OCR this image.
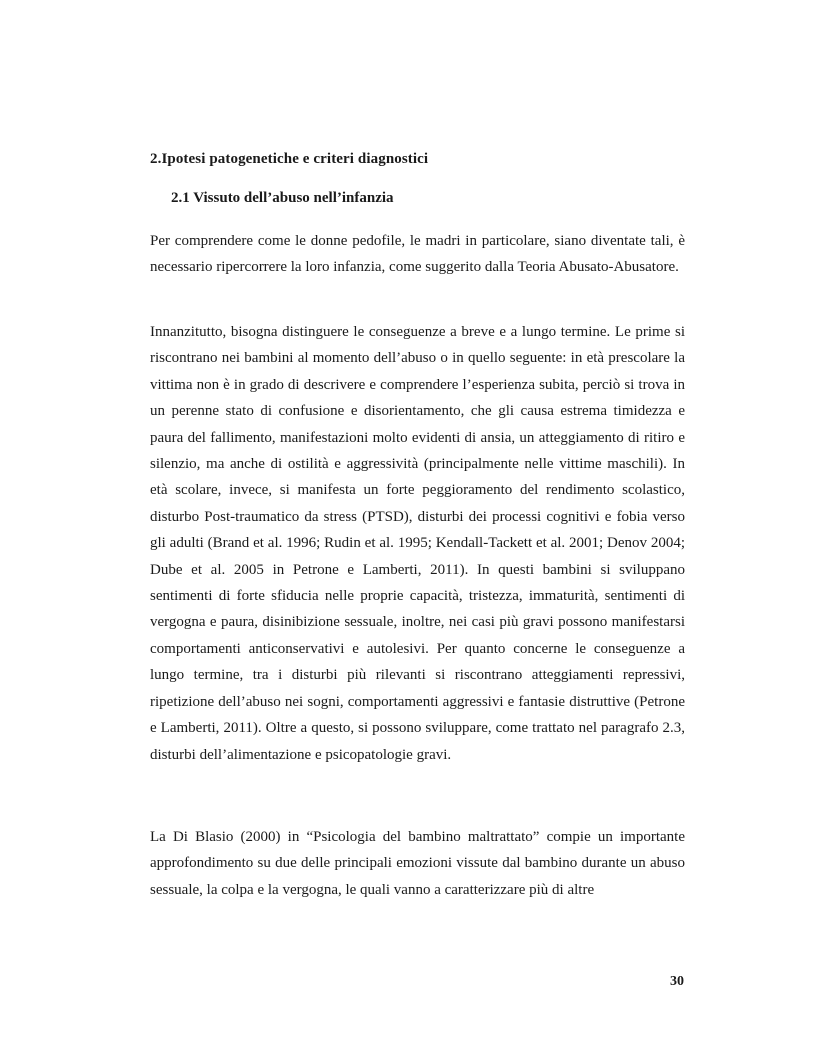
2.Ipotesi patogenetiche e criteri diagnostici
2.1 Vissuto dell’abuso nell’infanzia

Per comprendere come le donne pedofile, le madri in particolare, siano diventate tali, è necessario ripercorrere la loro infanzia, come suggerito dalla Teoria Abusato-Abusatore.

Innanzitutto, bisogna distinguere le conseguenze a breve e a lungo termine. Le prime si riscontrano nei bambini al momento dell’abuso o in quello seguente: in età prescolare la vittima non è in grado di descrivere e comprendere l’esperienza subita, perciò si trova in un perenne stato di confusione e disorientamento, che gli causa estrema timidezza e paura del fallimento, manifestazioni molto evidenti di ansia, un atteggiamento di ritiro e silenzio, ma anche di ostilità e aggressività (principalmente nelle vittime maschili). In età scolare, invece, si manifesta un forte peggioramento del rendimento scolastico, disturbo Post-traumatico da stress (PTSD), disturbi dei processi cognitivi e fobia verso gli adulti (Brand et al. 1996; Rudin et al. 1995; Kendall-Tackett et al. 2001; Denov 2004; Dube et al. 2005 in Petrone e Lamberti, 2011). In questi bambini si sviluppano sentimenti di forte sfiducia nelle proprie capacità, tristezza, immaturità, sentimenti di vergogna e paura, disinibizione sessuale, inoltre, nei casi più gravi possono manifestarsi comportamenti anticonservativi e autolesivi. Per quanto concerne le conseguenze a lungo termine, tra i disturbi più rilevanti si riscontrano atteggiamenti repressivi, ripetizione dell’abuso nei sogni, comportamenti aggressivi e fantasie distruttive (Petrone e Lamberti, 2011). Oltre a questo, si possono sviluppare, come trattato nel paragrafo 2.3, disturbi dell’alimentazione e psicopatologie gravi.

La Di Blasio (2000) in “Psicologia del bambino maltrattato” compie un importante approfondimento su due delle principali emozioni vissute dal bambino durante un abuso sessuale, la colpa e la vergogna, le quali vanno a caratterizzare più di altre

30
